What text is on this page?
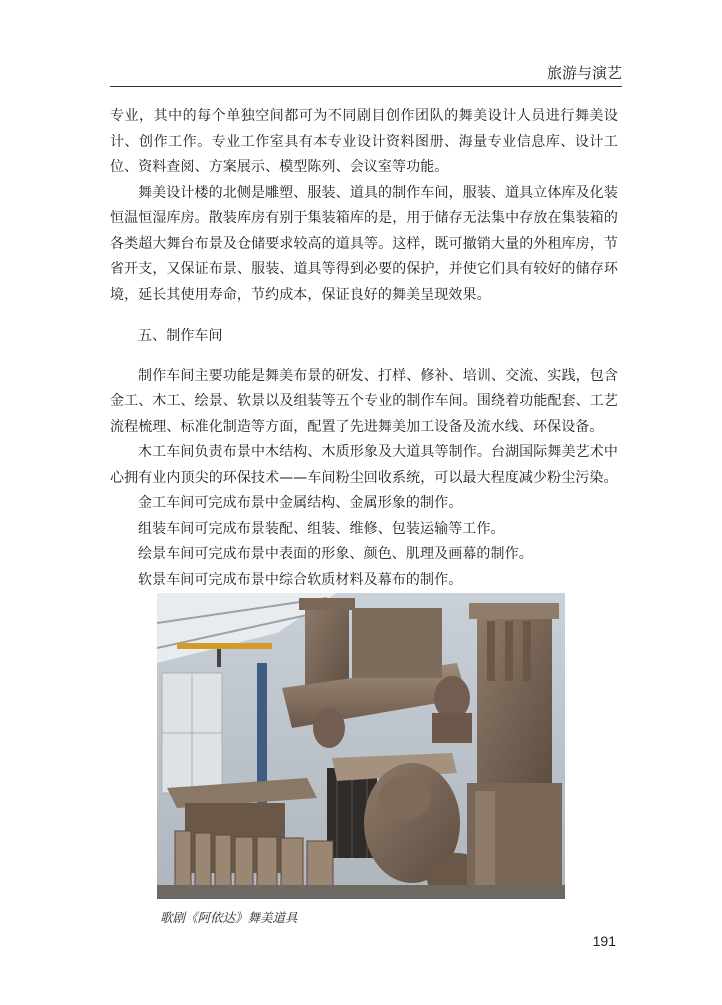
旅游与演艺

专业，其中的每个单独空间都可为不同剧目创作团队的舞美设计人员进行舞美设计、创作工作。专业工作室具有本专业设计资料图册、海量专业信息库、设计工位、资料查阅、方案展示、模型陈列、会议室等功能。

舞美设计楼的北侧是雕塑、服装、道具的制作车间，服装、道具立体库及化装恒温恒湿库房。散装库房有别于集装箱库的是，用于储存无法集中存放在集装箱的各类超大舞台布景及仓储要求较高的道具等。这样，既可撤销大量的外租库房，节省开支，又保证布景、服装、道具等得到必要的保护，并使它们具有较好的储存环境，延长其使用寿命，节约成本，保证良好的舞美呈现效果。

五、制作车间

制作车间主要功能是舞美布景的研发、打样、修补、培训、交流、实践，包含金工、木工、绘景、软景以及组装等五个专业的制作车间。围绕着功能配套、工艺流程梳理、标准化制造等方面，配置了先进舞美加工设备及流水线、环保设备。

木工车间负责布景中木结构、木质形象及大道具等制作。台湖国际舞美艺术中心拥有业内顶尖的环保技术——车间粉尘回收系统，可以最大程度减少粉尘污染。

金工车间可完成布景中金属结构、金属形象的制作。

组装车间可完成布景装配、组装、维修、包装运输等工作。

绘景车间可完成布景中表面的形象、颜色、肌理及画幕的制作。

软景车间可完成布景中综合软质材料及幕布的制作。

歌剧《阿依达》舞美道具
191
